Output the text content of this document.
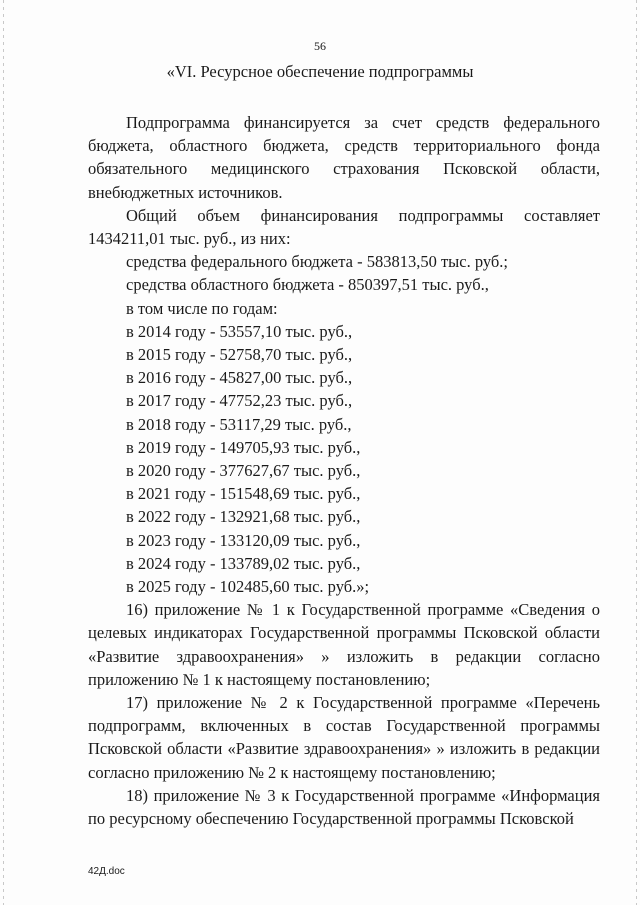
56
«VI. Ресурсное обеспечение подпрограммы

Подпрограмма финансируется за счет средств федерального бюджета, областного бюджета, средств территориального фонда обязательного медицинского страхования Псковской области, внебюджетных источников.

Общий объем финансирования подпрограммы составляет 1434211,01 тыс. руб., из них:

средства федерального бюджета - 583813,50 тыс. руб.;
средства областного бюджета - 850397,51 тыс. руб.,
в том числе по годам:
в 2014 году - 53557,10 тыс. руб.,
в 2015 году - 52758,70 тыс. руб.,
в 2016 году - 45827,00 тыс. руб.,
в 2017 году - 47752,23 тыс. руб.,
в 2018 году - 53117,29 тыс. руб.,
в 2019 году - 149705,93 тыс. руб.,
в 2020 году - 377627,67 тыс. руб.,
в 2021 году - 151548,69 тыс. руб.,
в 2022 году - 132921,68 тыс. руб.,
в 2023 году - 133120,09 тыс. руб.,
в 2024 году - 133789,02 тыс. руб.,
в 2025 году - 102485,60 тыс. руб.»;

16) приложение № 1 к Государственной программе «Сведения о целевых индикаторах Государственной программы Псковской области «Развитие здравоохранения» » изложить в редакции согласно приложению № 1 к настоящему постановлению;

17) приложение № 2 к Государственной программе «Перечень подпрограмм, включенных в состав Государственной программы Псковской области «Развитие здравоохранения» » изложить в редакции согласно приложению № 2 к настоящему постановлению;

18) приложение № 3 к Государственной программе «Информация по ресурсному обеспечению Государственной программы Псковской

42Д.doc
